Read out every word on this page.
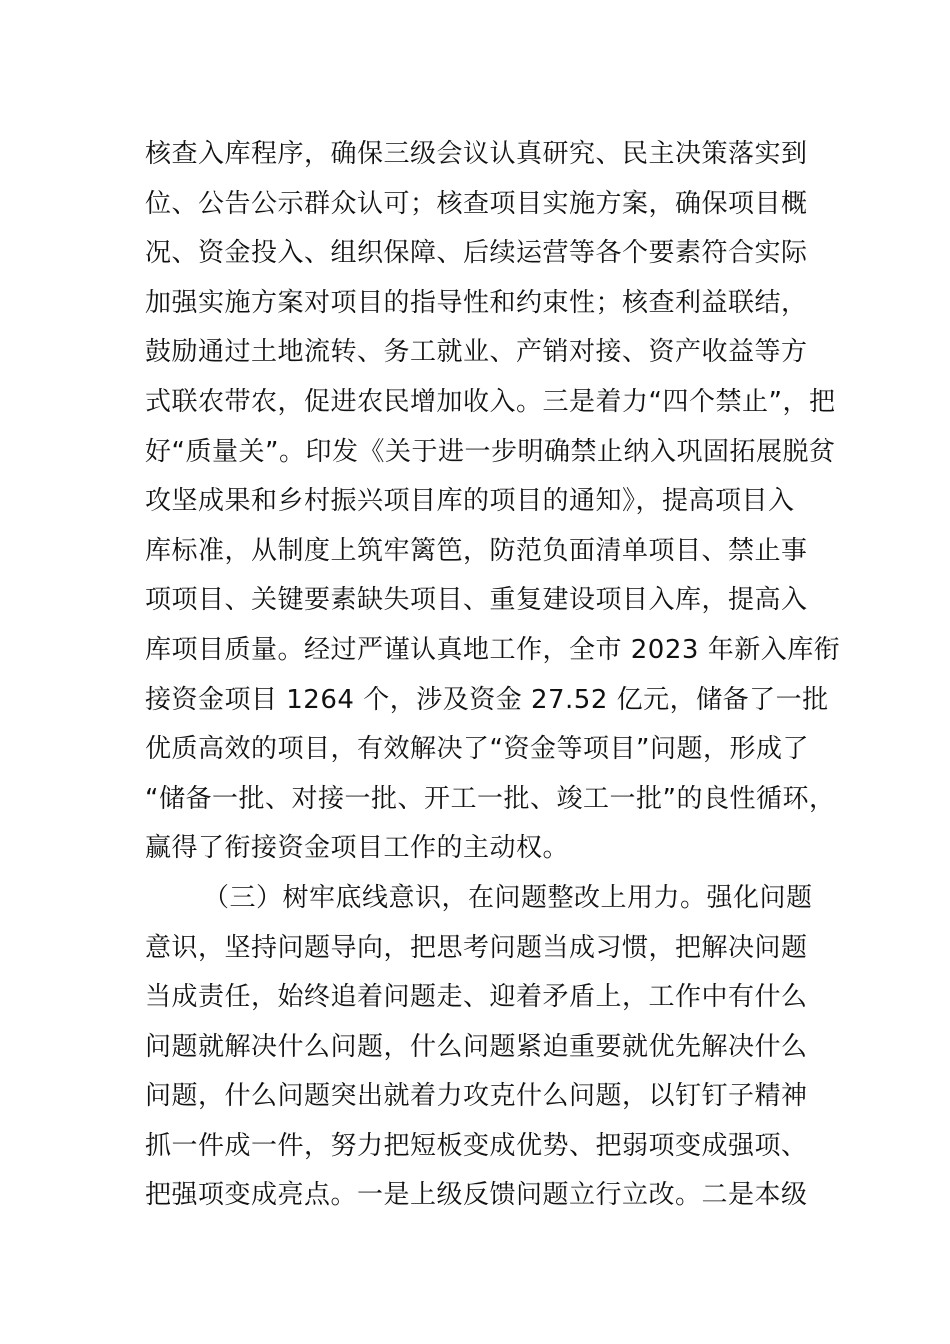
核查入库程序，确保三级会议认真研究、民主决策落实到
位、公告公示群众认可；核查项目实施方案，确保项目概
况、资金投入、组织保障、后续运营等各个要素符合实际
加强实施方案对项目的指导性和约束性；核查利益联结，
鼓励通过土地流转、务工就业、产销对接、资产收益等方
式联农带农，促进农民增加收入。三是着力“四个禁止”，把
好“质量关”。印发《关于进一步明确禁止纳入巩固拓展脱贫
攻坚成果和乡村振兴项目库的项目的通知》，提高项目入
库标准，从制度上筑牢篱笆，防范负面清单项目、禁止事
项项目、关键要素缺失项目、重复建设项目入库，提高入
库项目质量。经过严谨认真地工作，全市 2023 年新入库衔
接资金项目 1264 个，涉及资金 27.52 亿元，储备了一批
优质高效的项目，有效解决了“资金等项目”问题，形成了
“储备一批、对接一批、开工一批、竣工一批”的良性循环，
赢得了衔接资金项目工作的主动权。
（三）树牢底线意识，在问题整改上用力。强化问题
意识，坚持问题导向，把思考问题当成习惯，把解决问题
当成责任，始终追着问题走、迎着矛盾上，工作中有什么
问题就解决什么问题，什么问题紧迫重要就优先解决什么
问题，什么问题突出就着力攻克什么问题，以钉钉子精神
抓一件成一件，努力把短板变成优势、把弱项变成强项、
把强项变成亮点。一是上级反馈问题立行立改。二是本级
